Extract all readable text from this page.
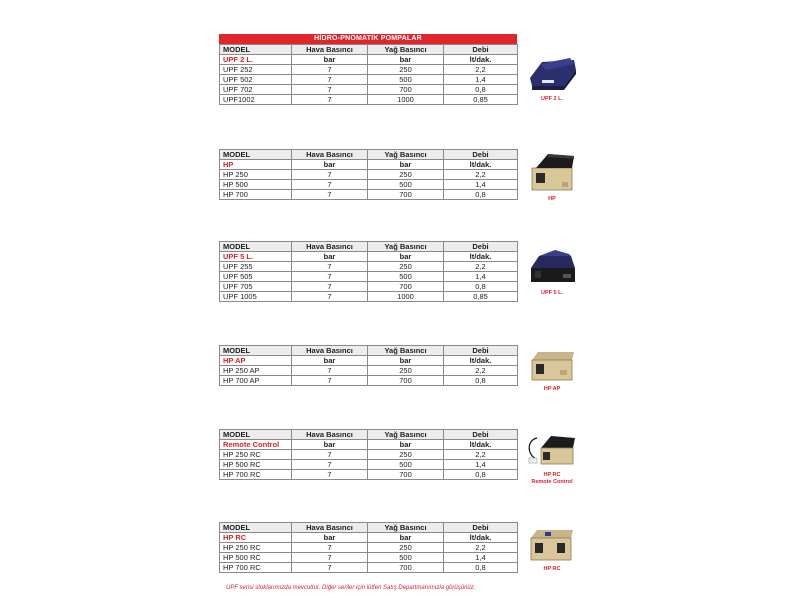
HİDRO-PNÖMATİK POMPALAR
MODEL	Hava Basıncı	Yağ Basıncı	Debi
UPF 2 L.	bar	bar	lt/dak.
UPF 252	7	250	2,2
UPF 502	7	500	1,4
UPF 702	7	700	0,8
UPF1002	7	1000	0,85	UPF 2 L.
MODEL	Hava Basıncı	Yağ Basıncı	Debi
HP	bar	bar	lt/dak.
HP 250	7	250	2,2
HP 500	7	500	1,4
HP 700	7	700	0,8	HP
MODEL	Hava Basıncı	Yağ Basıncı	Debi
UPF 5 L.	bar	bar	lt/dak.
UPF 255	7	250	2,2
UPF 505	7	500	1,4
UPF 705	7	700	0,8
UPF 1005	7	1000	0,85	UPF 5 L.
MODEL	Hava Basıncı	Yağ Basıncı	Debi
HP AP	bar	bar	lt/dak.
HP 250 AP	7	250	2,2
HP 700 AP	7	700	0,8
HP AP
MODEL	Hava Basıncı	Yağ Basıncı	Debi
Remote Control	bar	bar	lt/dak.
HP 250 RC	7	250	2,2
HP 500 RC	7	500	1,4
HP 700 RC	7	700	0,8	HP RC
Remote Control
MODEL	Hava Basıncı	Yağ Basıncı	Debi
HP RC	bar	bar	lt/dak.
HP 250 RC	7	250	2,2
HP 500 RC	7	500	1,4
HP 700 RC	7	700	0,8	HP RC
UPF serisi stoklarımızda mevcuttur. Diğer seriler için lütfen Satış Departmanımızla görüşünüz.
